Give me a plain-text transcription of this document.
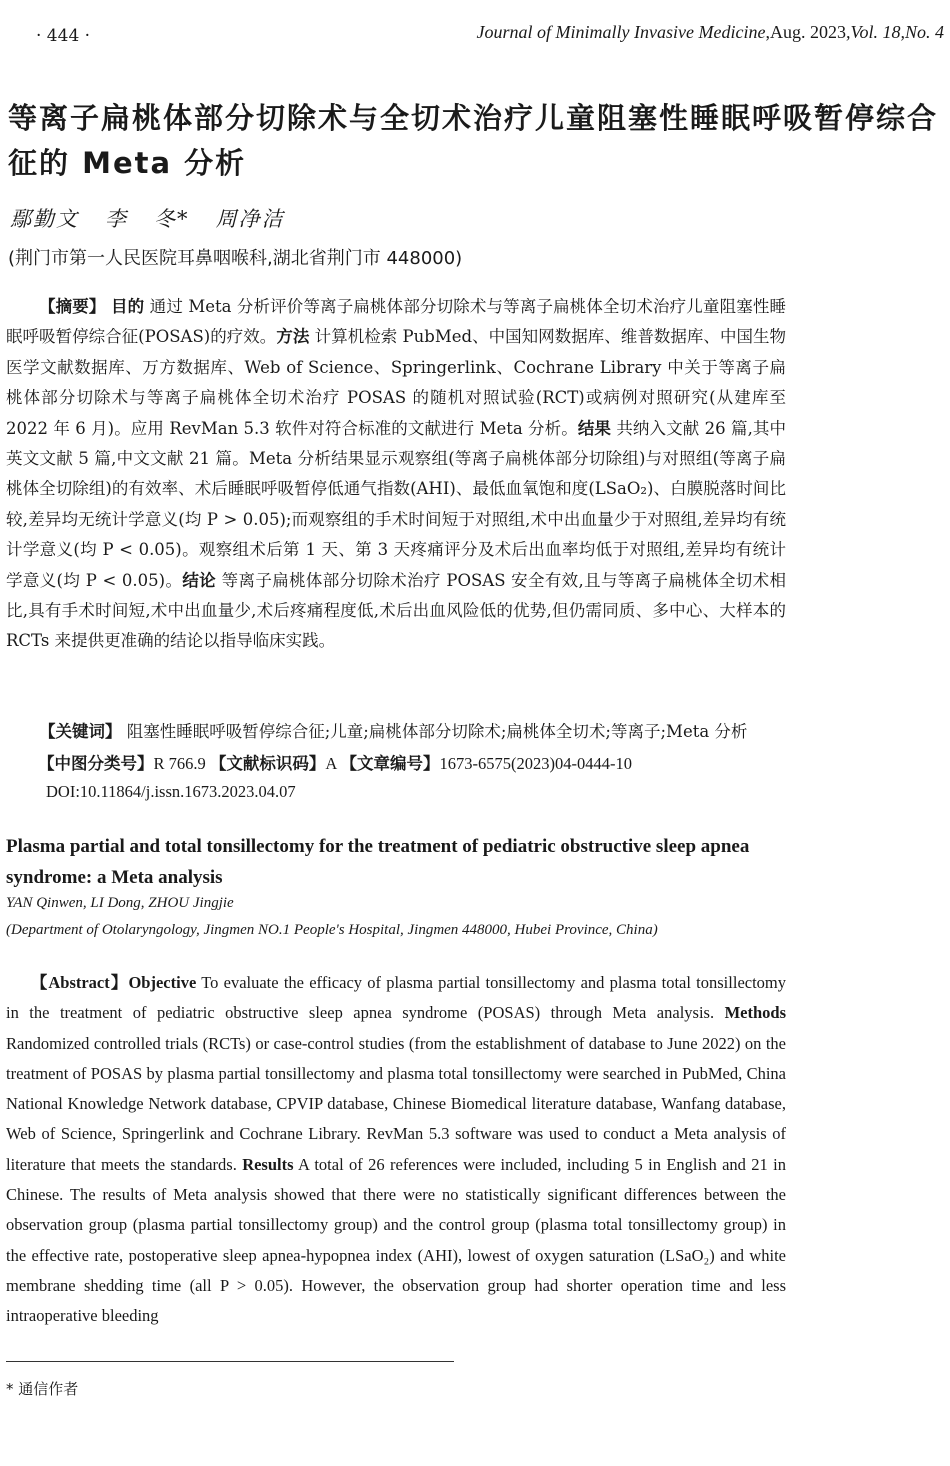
· 444 ·	Journal of Minimally Invasive Medicine,Aug. 2023,Vol. 18,No. 4
等离子扁桃体部分切除术与全切术治疗儿童阻塞性睡眠呼吸暂停综合征的 Meta 分析
鄢勤文   李   冬*   周净洁
(荆门市第一人民医院耳鼻咽喉科,湖北省荆门市 448000)
【摘要】 目的 通过 Meta 分析评价等离子扁桃体部分切除术与等离子扁桃体全切术治疗儿童阻塞性睡眠呼吸暂停综合征(POSAS)的疗效。方法 计算机检索 PubMed、中国知网数据库、维普数据库、中国生物医学文献数据库、万方数据库、Web of Science、Springerlink、Cochrane Library 中关于等离子扁桃体部分切除术与等离子扁桃体全切术治疗 POSAS 的随机对照试验(RCT)或病例对照研究(从建库至 2022 年 6 月)。应用 RevMan 5.3 软件对符合标准的文献进行 Meta 分析。结果 共纳入文献 26 篇,其中英文文献 5 篇,中文文献 21 篇。Meta 分析结果显示观察组(等离子扁桃体部分切除组)与对照组(等离子扁桃体全切除组)的有效率、术后睡眠呼吸暂停低通气指数(AHI)、最低血氧饱和度(LSaO₂)、白膜脱落时间比较,差异均无统计学意义(均 P > 0.05);而观察组的手术时间短于对照组,术中出血量少于对照组,差异均有统计学意义(均 P < 0.05)。观察组术后第 1 天、第 3 天疼痛评分及术后出血率均低于对照组,差异均有统计学意义(均 P < 0.05)。结论 等离子扁桃体部分切除术治疗 POSAS 安全有效,且与等离子扁桃体全切术相比,具有手术时间短,术中出血量少,术后疼痛程度低,术后出血风险低的优势,但仍需同质、多中心、大样本的 RCTs 来提供更准确的结论以指导临床实践。
【关键词】 阻塞性睡眠呼吸暂停综合征;儿童;扁桃体部分切除术;扁桃体全切术;等离子;Meta 分析
【中图分类号】R 766.9 【文献标识码】A 【文章编号】1673-6575(2023)04-0444-10
DOI:10.11864/j.issn.1673.2023.04.07
Plasma partial and total tonsillectomy for the treatment of pediatric obstructive sleep apnea syndrome: a Meta analysis
YAN Qinwen, LI Dong, ZHOU Jingjie
(Department of Otolaryngology, Jingmen NO.1 People's Hospital, Jingmen 448000, Hubei Province, China)
【Abstract】Objective To evaluate the efficacy of plasma partial tonsillectomy and plasma total tonsillectomy in the treatment of pediatric obstructive sleep apnea syndrome (POSAS) through Meta analysis. Methods Randomized controlled trials (RCTs) or case-control studies (from the establishment of database to June 2022) on the treatment of POSAS by plasma partial tonsillectomy and plasma total tonsillectomy were searched in PubMed, China National Knowledge Network database, CPVIP database, Chinese Biomedical literature database, Wanfang database, Web of Science, Springerlink and Cochrane Library. RevMan 5.3 software was used to conduct a Meta analysis of literature that meets the standards. Results A total of 26 references were included, including 5 in English and 21 in Chinese. The results of Meta analysis showed that there were no statistically significant differences between the observation group (plasma partial tonsillectomy group) and the control group (plasma total tonsillectomy group) in the effective rate, postoperative sleep apnea-hypopnea index (AHI), lowest of oxygen saturation (LSaO₂) and white membrane shedding time (all P > 0.05). However, the observation group had shorter operation time and less intraoperative bleeding
* 通信作者
